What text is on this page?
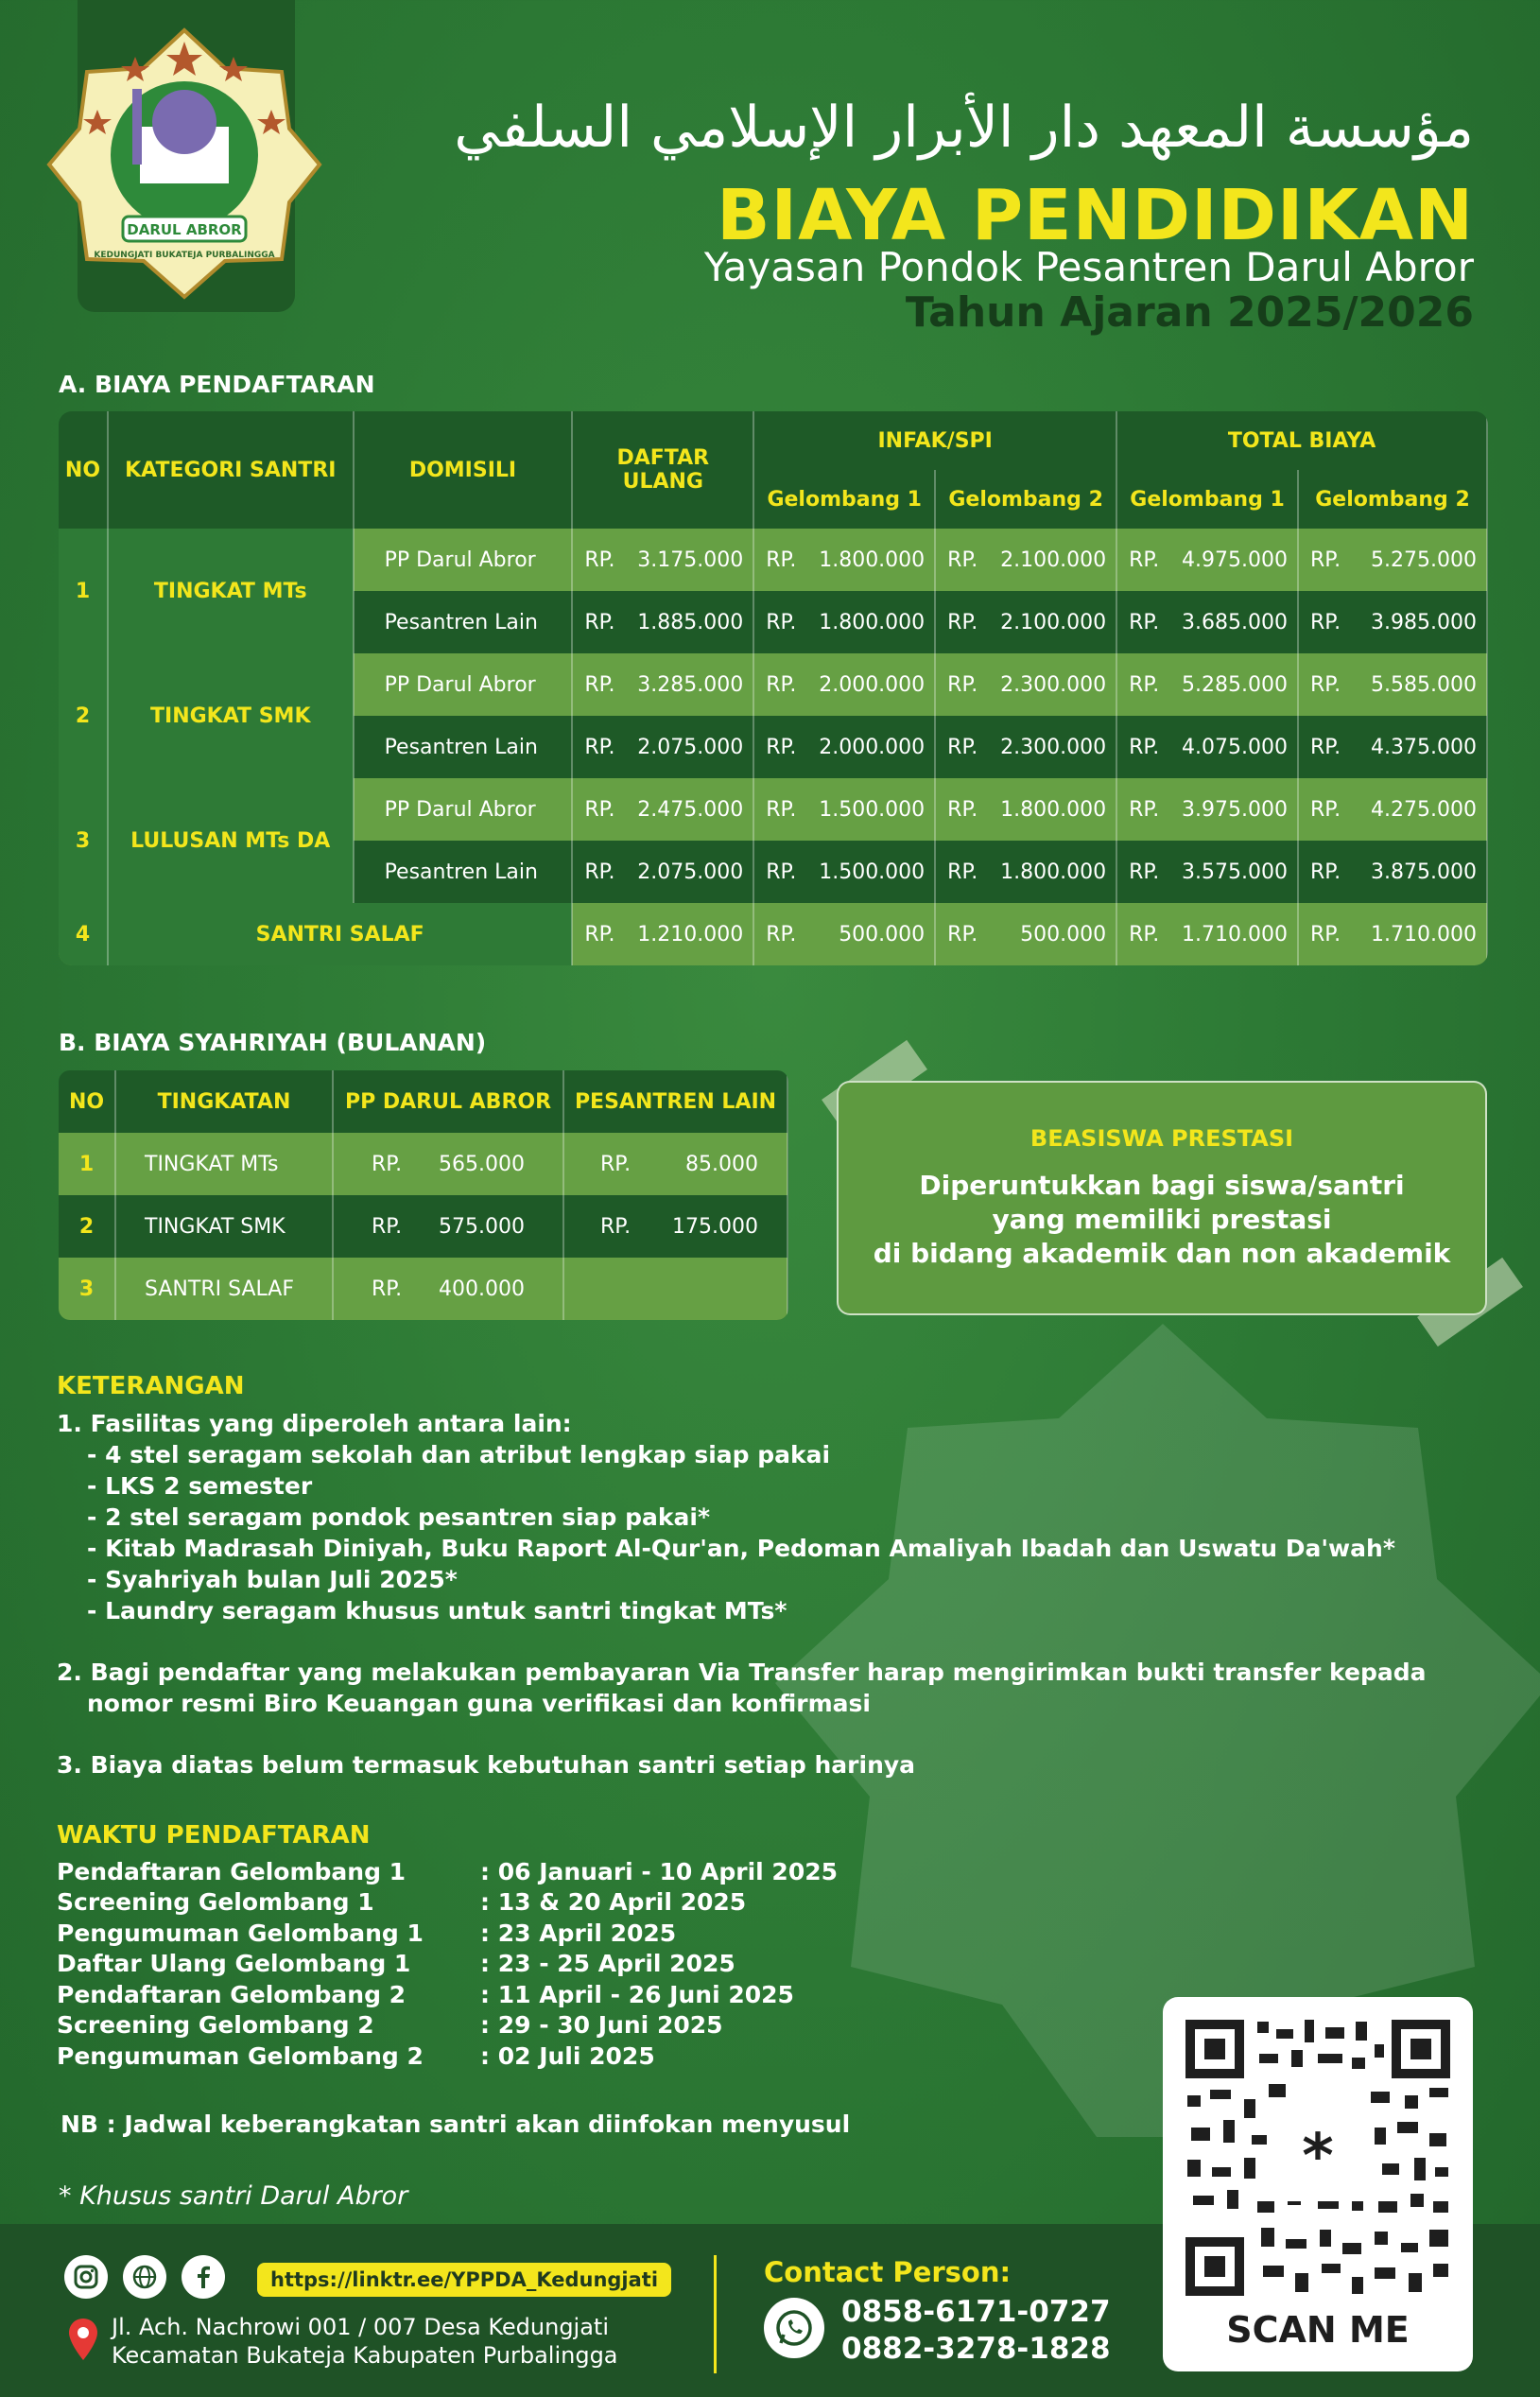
DARUL ABROR
KEDUNGJATI BUKATEJA PURBALINGGA
مؤسسة المعهد دار الأبرار الإسلامي السلفي
BIAYA PENDIDIKAN
Yayasan Pondok Pesantren Darul Abror
Tahun Ajaran 2025/2026
A. BIAYA PENDAFTARAN
NO	KATEGORI SANTRI	DOMISILI	DAFTAR ULANG	INFAK/SPI		TOTAL BIAYA	
				Gelombang 1	Gelombang 2	Gelombang 1	Gelombang 2
1	TINGKAT MTs	PP Darul Abror	RP. 3.175.000	RP. 1.800.000	RP. 2.100.000	RP. 4.975.000	RP. 5.275.000

		Pesantren Lain	RP. 1.885.000	RP. 1.800.000	RP. 2.100.000	RP. 3.685.000	RP. 3.985.000

2	TINGKAT SMK	PP Darul Abror	RP. 3.285.000	RP. 2.000.000	RP. 2.300.000	RP. 5.285.000	RP. 5.585.000

		Pesantren Lain	RP. 2.075.000	RP. 2.000.000	RP. 2.300.000	RP. 4.075.000	RP. 4.375.000

3	LULUSAN MTs DA	PP Darul Abror	RP. 2.475.000	RP. 1.500.000	RP. 1.800.000	RP. 3.975.000	RP. 4.275.000

		Pesantren Lain	RP. 2.075.000	RP. 1.500.000	RP. 1.800.000	RP. 3.575.000	RP. 3.875.000

4	SANTRI SALAF		RP. 1.210.000	RP. 500.000	RP. 500.000	RP. 1.710.000	RP. 1.710.000
B. BIAYA SYAHRIYAH (BULANAN)
NO	TINGKATAN	PP DARUL ABROR	PESANTREN LAIN
1	TINGKAT MTs	RP. 565.000	RP. 85.000

2	TINGKAT SMK	RP. 575.000	RP. 175.000

3	SANTRI SALAF	RP. 400.000	

BEASISWA PRESTASI
Diperuntukkan bagi siswa/santri
yang memiliki prestasi
di bidang akademik dan non akademik
KETERANGAN
1. Fasilitas yang diperoleh antara lain:
- 4 stel seragam sekolah dan atribut lengkap siap pakai
- LKS 2 semester
- 2 stel seragam pondok pesantren siap pakai*
- Kitab Madrasah Diniyah, Buku Raport Al-Qur'an, Pedoman Amaliyah Ibadah dan Uswatu Da'wah*
- Syahriyah bulan Juli 2025*
- Laundry seragam khusus untuk santri tingkat MTs*
2. Bagi pendaftar yang melakukan pembayaran Via Transfer harap mengirimkan bukti transfer kepada
nomor resmi Biro Keuangan guna verifikasi dan konfirmasi
3. Biaya diatas belum termasuk kebutuhan santri setiap harinya
WAKTU PENDAFTARAN
Pendaftaran Gelombang 1	: 06 Januari - 10 April 2025
Screening Gelombang 1	: 13 & 20 April 2025
Pengumuman Gelombang 1	: 23 April 2025
Daftar Ulang Gelombang 1	: 23 - 25 April 2025
Pendaftaran Gelombang 2	: 11 April - 26 Juni 2025
Screening Gelombang 2	: 29 - 30 Juni 2025
Pengumuman Gelombang 2	: 02 Juli 2025
NB : Jadwal keberangkatan santri akan diinfokan menyusul
* Khusus santri Darul Abror
https://linktr.ee/YPPDA_Kedungjati
Jl. Ach. Nachrowi 001 / 007 Desa Kedungjati
Kecamatan Bukateja Kabupaten Purbalingga
Contact Person:
0858-6171-0727
0882-3278-1828
*
SCAN ME
